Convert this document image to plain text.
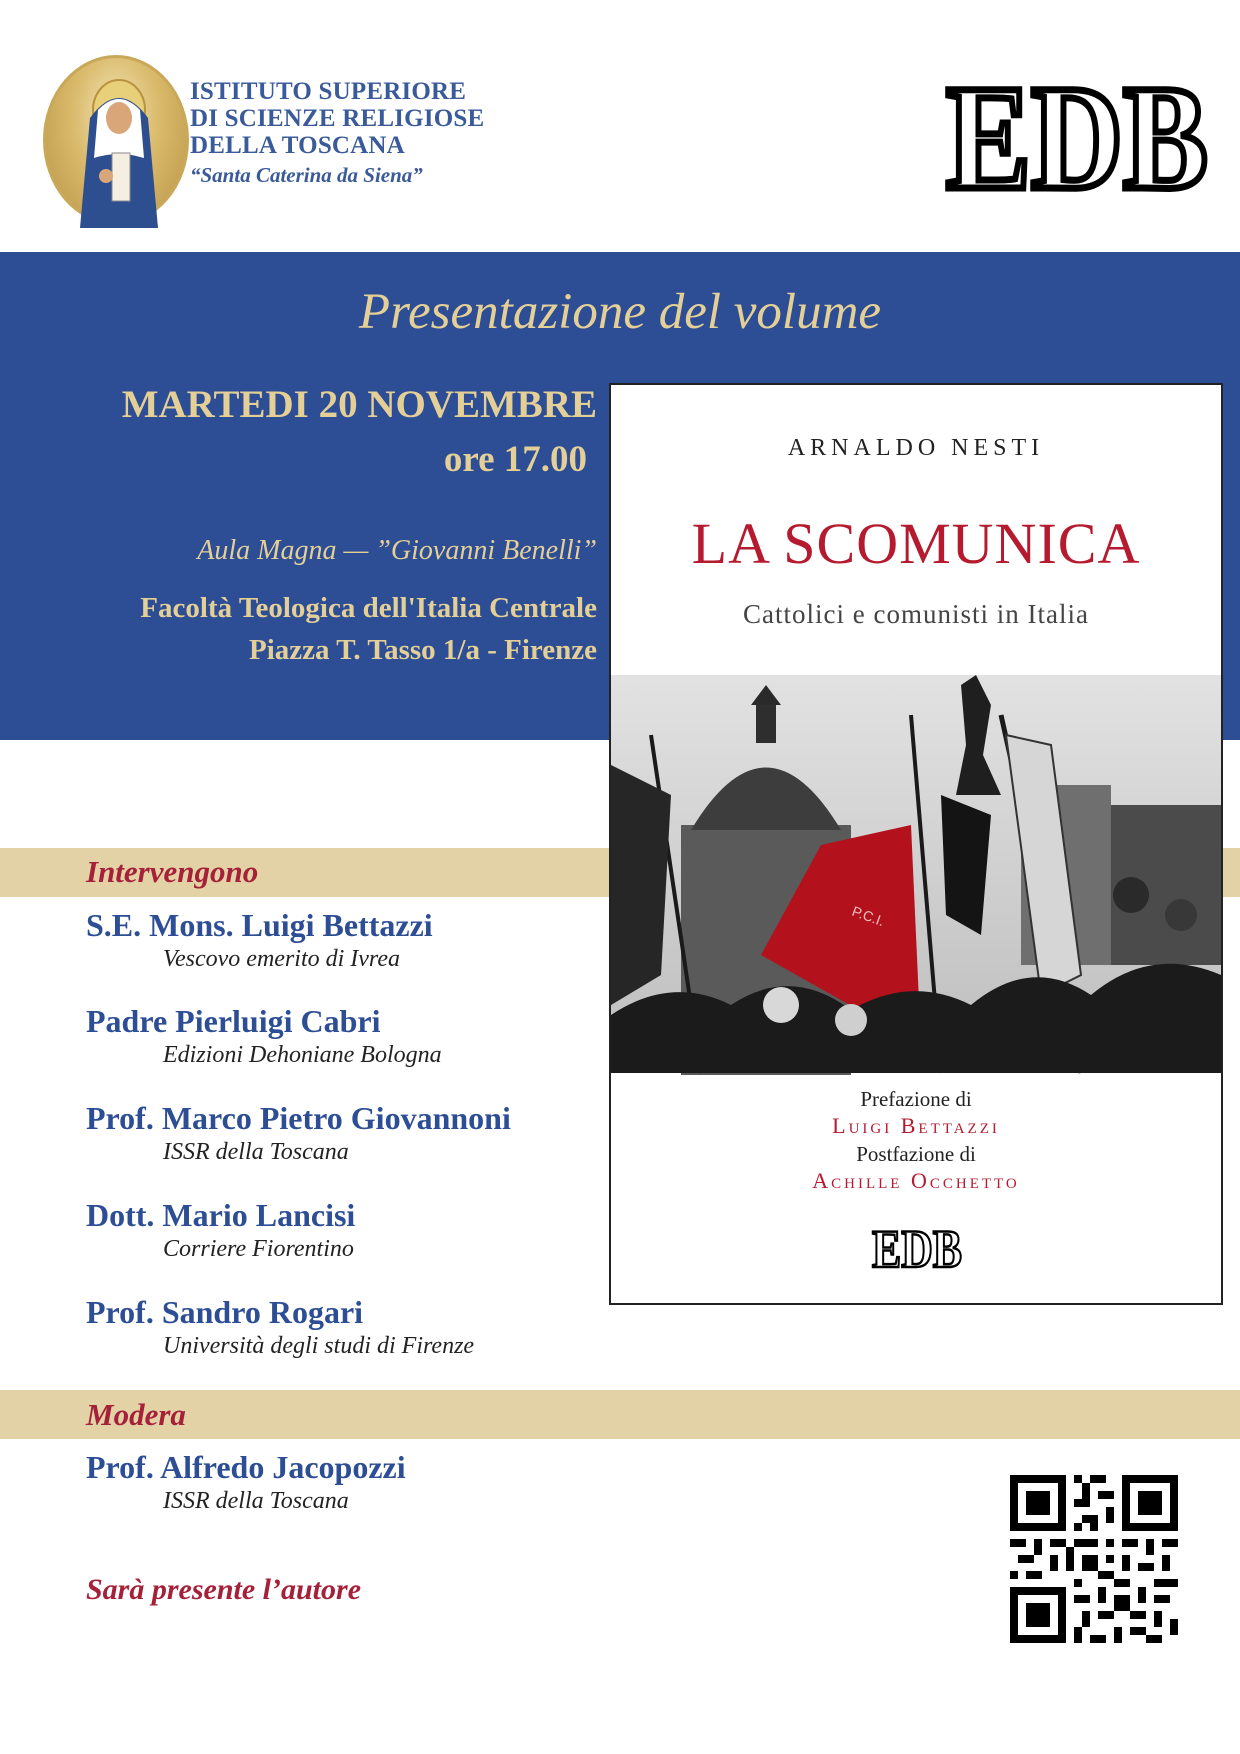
ISTITUTO SUPERIORE
DI SCIENZE RELIGIOSE
DELLA TOSCANA
“Santa Caterina da Siena”	EDB
Presentazione del volume
MARTEDI 20 NOVEMBRE
ore 17.00
Aula Magna — ”Giovanni Benelli”
Facoltà Teologica dell'Italia Centrale
Piazza T. Tasso 1/a - Firenze
Intervengono
S.E. Mons. Luigi Bettazzi
Vescovo emerito di Ivrea
Padre Pierluigi Cabri
Edizioni Dehoniane Bologna
Prof. Marco Pietro Giovannoni
ISSR della Toscana
Dott. Mario Lancisi
Corriere Fiorentino
Prof. Sandro Rogari
Università degli studi di Firenze
Modera
Prof. Alfredo Jacopozzi
ISSR della Toscana
Sarà presente l’autore
ARNALDO NESTI
LA SCOMUNICA
Cattolici e comunisti in Italia
P.C.I.
Prefazione di
Luigi Bettazzi
Postfazione di
Achille Occhetto
EDB
